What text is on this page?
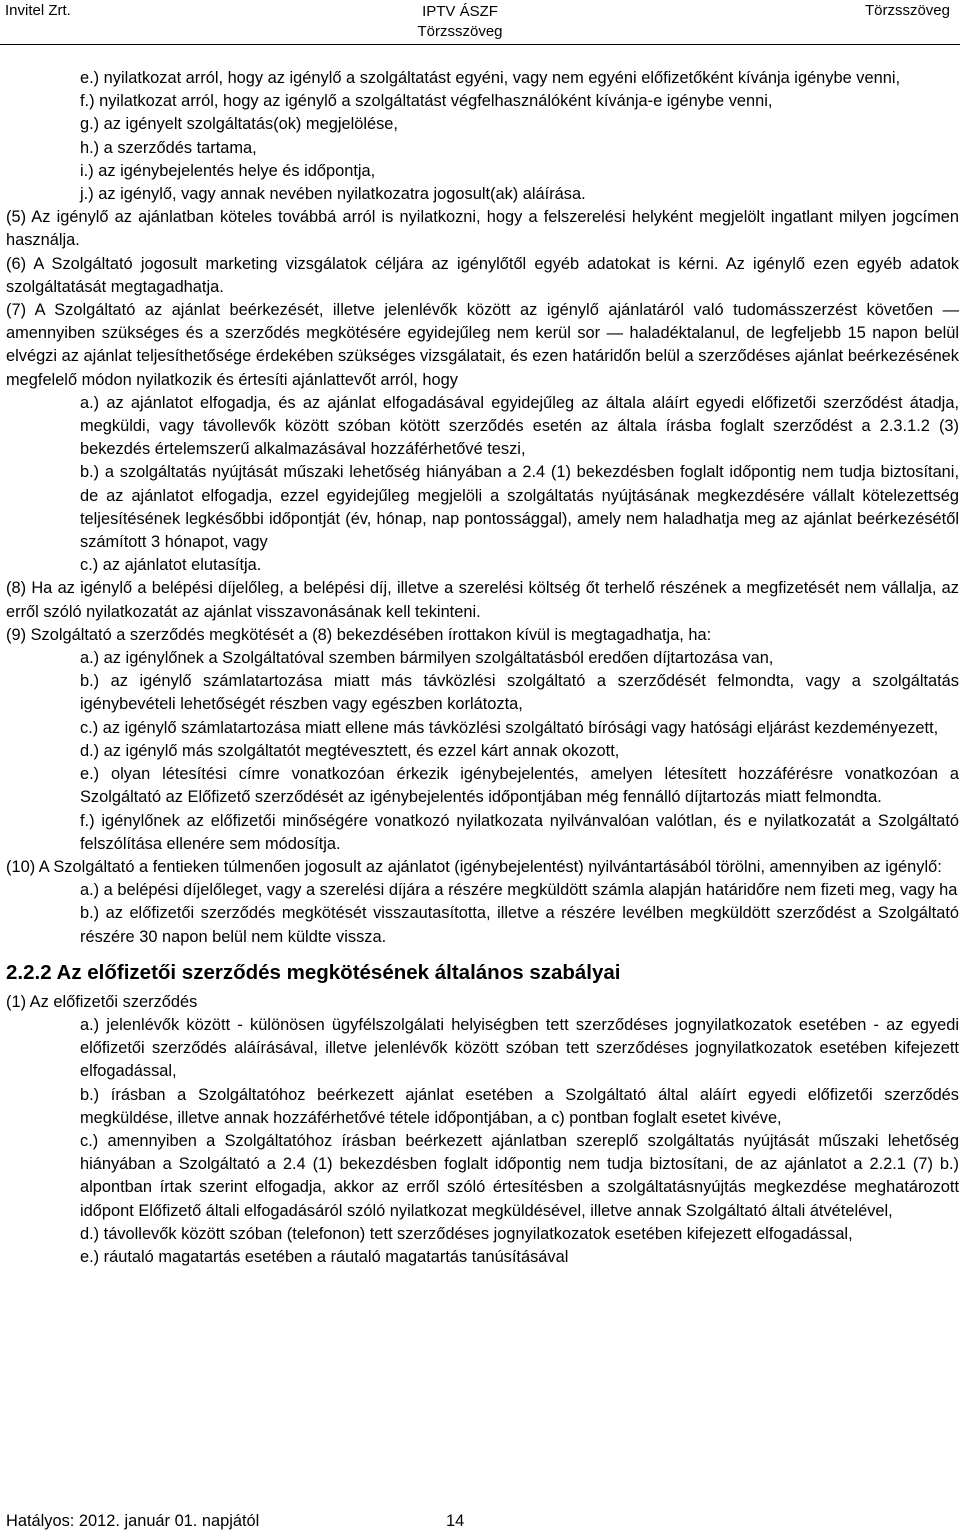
Invitel Zrt.	IPTV ÁSZF
Törzsszöveg
Törzsszöveg

e.) nyilatkozat arról, hogy az igénylő a szolgáltatást egyéni, vagy nem egyéni előfizetőként kívánja igénybe venni,

f.) nyilatkozat arról, hogy az igénylő a szolgáltatást végfelhasználóként kívánja-e igénybe venni,

g.) az igényelt szolgáltatás(ok) megjelölése,

h.) a szerződés tartama,

i.) az igénybejelentés helye és időpontja,

j.) az igénylő, vagy annak nevében nyilatkozatra jogosult(ak) aláírása.

(5) Az igénylő az ajánlatban köteles továbbá arról is nyilatkozni, hogy a felszerelési helyként megjelölt ingatlant milyen jogcímen használja.

(6) A Szolgáltató jogosult marketing vizsgálatok céljára az igénylőtől egyéb adatokat is kérni. Az igénylő ezen egyéb adatok szolgáltatását megtagadhatja.

(7) A Szolgáltató az ajánlat beérkezését, illetve jelenlévők között az igénylő ajánlatáról való tudomásszerzést követően — amennyiben szükséges és a szerződés megkötésére egyidejűleg nem kerül sor — haladéktalanul, de legfeljebb 15 napon belül elvégzi az ajánlat teljesíthetősége érdekében szükséges vizsgálatait, és ezen határidőn belül a szerződéses ajánlat beérkezésének megfelelő módon nyilatkozik és értesíti ajánlattevőt arról, hogy

a.) az ajánlatot elfogadja, és az ajánlat elfogadásával egyidejűleg az általa aláírt egyedi előfizetői szerződést átadja, megküldi, vagy távollevők között szóban kötött szerződés esetén az általa írásba foglalt szerződést a 2.3.1.2 (3) bekezdés értelemszerű alkalmazásával hozzáférhetővé teszi,

b.) a szolgáltatás nyújtását műszaki lehetőség hiányában a 2.4 (1) bekezdésben foglalt időpontig nem tudja biztosítani, de az ajánlatot elfogadja, ezzel egyidejűleg megjelöli a szolgáltatás nyújtásának megkezdésére vállalt kötelezettség teljesítésének legkésőbbi időpontját (év, hónap, nap pontossággal), amely nem haladhatja meg az ajánlat beérkezésétől számított 3 hónapot, vagy

c.) az ajánlatot elutasítja.

(8) Ha az igénylő a belépési díjelőleg, a belépési díj, illetve a szerelési költség őt terhelő részének a megfizetését nem vállalja, az erről szóló nyilatkozatát az ajánlat visszavonásának kell tekinteni.

(9) Szolgáltató a szerződés megkötését a (8) bekezdésében írottakon kívül is megtagadhatja, ha:

a.) az igénylőnek a Szolgáltatóval szemben bármilyen szolgáltatásból eredően díjtartozása van,

b.) az igénylő számlatartozása miatt más távközlési szolgáltató a szerződését felmondta, vagy a szolgáltatás igénybevételi lehetőségét részben vagy egészben korlátozta,

c.) az igénylő számlatartozása miatt ellene más távközlési szolgáltató bírósági vagy hatósági eljárást kezdeményezett,

d.) az igénylő más szolgáltatót megtévesztett, és ezzel kárt annak okozott,

e.) olyan létesítési címre vonatkozóan érkezik igénybejelentés, amelyen létesített hozzáférésre vonatkozóan a Szolgáltató az Előfizető szerződését az igénybejelentés időpontjában még fennálló díjtartozás miatt felmondta.

f.) igénylőnek az előfizetői minőségére vonatkozó nyilatkozata nyilvánvalóan valótlan, és e nyilatkozatát a Szolgáltató felszólítása ellenére sem módosítja.

(10) A Szolgáltató a fentieken túlmenően jogosult az ajánlatot (igénybejelentést) nyilvántartásából törölni, amennyiben az igénylő:

a.) a belépési díjelőleget, vagy a szerelési díjára a részére megküldött számla alapján határidőre nem fizeti meg, vagy ha

b.) az előfizetői szerződés megkötését visszautasította, illetve a részére levélben megküldött szerződést a Szolgáltató részére 30 napon belül nem küldte vissza.

2.2.2 Az előfizetői szerződés megkötésének általános szabályai

(1) Az előfizetői szerződés

a.) jelenlévők között - különösen ügyfélszolgálati helyiségben tett szerződéses jognyilatkozatok esetében - az egyedi előfizetői szerződés aláírásával, illetve jelenlévők között szóban tett szerződéses jognyilatkozatok esetében kifejezett elfogadással,

b.) írásban a Szolgáltatóhoz beérkezett ajánlat esetében a Szolgáltató által aláírt egyedi előfizetői szerződés megküldése, illetve annak hozzáférhetővé tétele időpontjában, a c) pontban foglalt esetet kivéve,

c.) amennyiben a Szolgáltatóhoz írásban beérkezett ajánlatban szereplő szolgáltatás nyújtását műszaki lehetőség hiányában a Szolgáltató a 2.4 (1) bekezdésben foglalt időpontig nem tudja biztosítani, de az ajánlatot a 2.2.1 (7) b.) alpontban írtak szerint elfogadja, akkor az erről szóló értesítésben a szolgáltatásnyújtás megkezdése meghatározott időpont Előfizető általi elfogadásáról szóló nyilatkozat megküldésével, illetve annak Szolgáltató általi átvételével,

d.) távollevők között szóban (telefonon) tett szerződéses jognyilatkozatok esetében kifejezett elfogadással,

e.) ráutaló magatartás esetében a ráutaló magatartás tanúsításával

Hatályos: 2012. január 01. napjától	14
